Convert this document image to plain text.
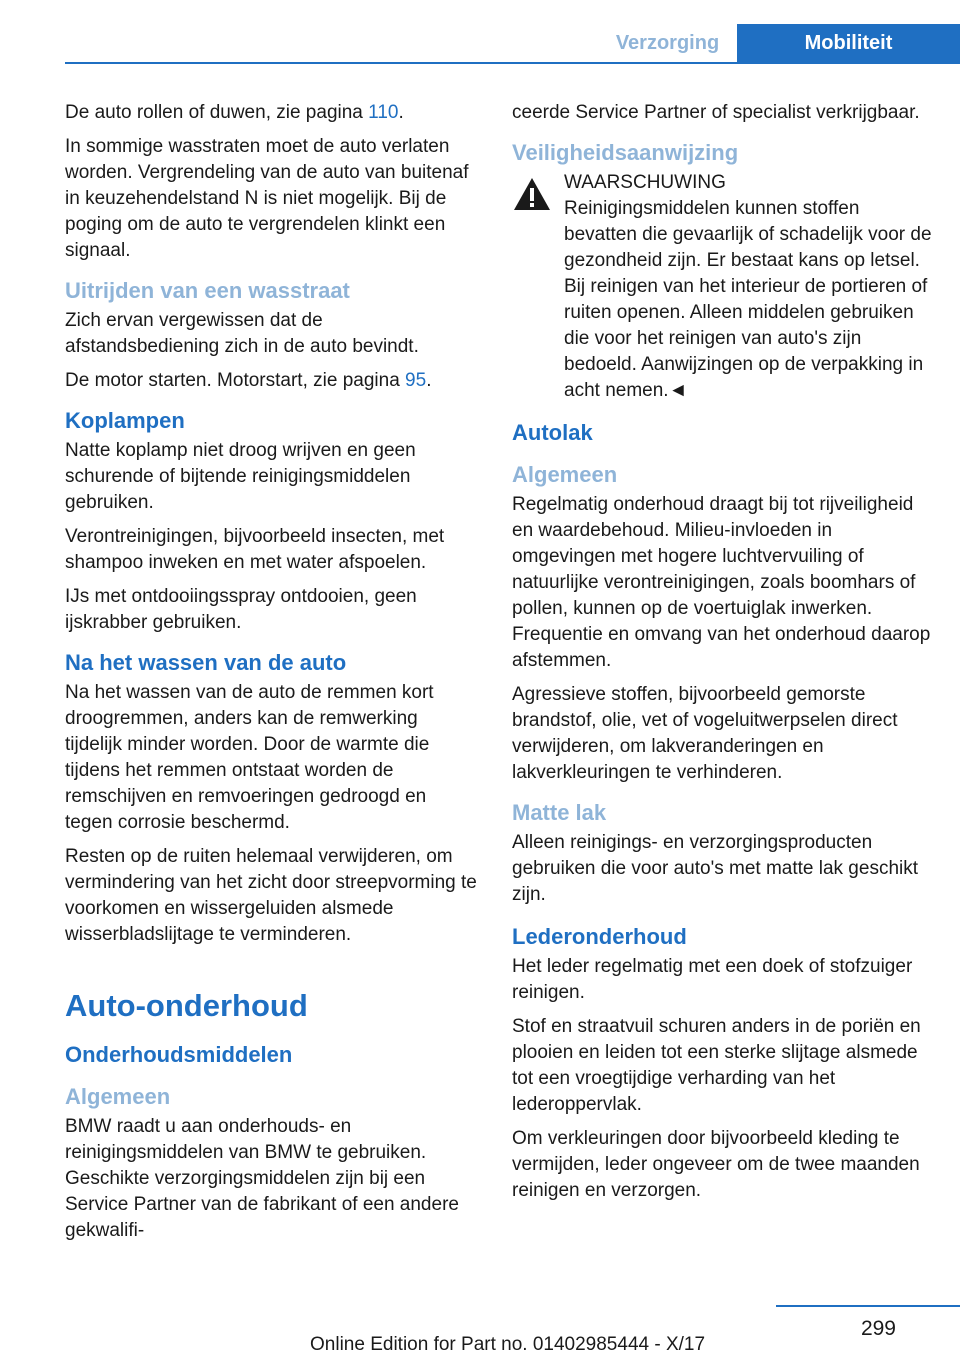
Verzorging	Mobiliteit

De auto rollen of duwen, zie pagina 110.

In sommige wasstraten moet de auto verlaten worden. Vergrendeling van de auto van buitenaf in keuzehendelstand N is niet mogelijk. Bij de poging om de auto te vergrendelen klinkt een signaal.

Uitrijden van een wasstraat

Zich ervan vergewissen dat de afstandsbediening zich in de auto bevindt.

De motor starten. Motorstart, zie pagina 95.

Koplampen

Natte koplamp niet droog wrijven en geen schurende of bijtende reinigingsmiddelen gebruiken.

Verontreinigingen, bijvoorbeeld insecten, met shampoo inweken en met water afspoelen.

IJs met ontdooiingsspray ontdooien, geen ijskrabber gebruiken.

Na het wassen van de auto

Na het wassen van de auto de remmen kort droogremmen, anders kan de remwerking tijdelijk minder worden. Door de warmte die tijdens het remmen ontstaat worden de remschijven en remvoeringen gedroogd en tegen corrosie beschermd.

Resten op de ruiten helemaal verwijderen, om vermindering van het zicht door streepvorming te voorkomen en wissergeluiden alsmede wisserbladslijtage te verminderen.

Auto-onderhoud
Onderhoudsmiddelen
Algemeen

BMW raadt u aan onderhouds- en reinigingsmiddelen van BMW te gebruiken. Geschikte verzorgingsmiddelen zijn bij een Service Partner van de fabrikant of een andere gekwalifi-

ceerde Service Partner of specialist verkrijgbaar.

Veiligheidsaanwijzing
WAARSCHUWING
Reinigingsmiddelen kunnen stoffen bevatten die gevaarlijk of schadelijk voor de gezondheid zijn. Er bestaat kans op letsel. Bij reinigen van het interieur de portieren of ruiten openen. Alleen middelen gebruiken die voor het reinigen van auto's zijn bedoeld. Aanwijzingen op de verpakking in acht nemen.◄
Autolak
Algemeen

Regelmatig onderhoud draagt bij tot rijveiligheid en waardebehoud. Milieu-invloeden in omgevingen met hogere luchtvervuiling of natuurlijke verontreinigingen, zoals boomhars of pollen, kunnen op de voertuiglak inwerken. Frequentie en omvang van het onderhoud daarop afstemmen.

Agressieve stoffen, bijvoorbeeld gemorste brandstof, olie, vet of vogeluitwerpselen direct verwijderen, om lakveranderingen en lakverkleuringen te verhinderen.

Matte lak

Alleen reinigings- en verzorgingsproducten gebruiken die voor auto's met matte lak geschikt zijn.

Lederonderhoud

Het leder regelmatig met een doek of stofzuiger reinigen.

Stof en straatvuil schuren anders in de poriën en plooien en leiden tot een sterke slijtage alsmede tot een vroegtijdige verharding van het lederoppervlak.

Om verkleuringen door bijvoorbeeld kleding te vermijden, leder ongeveer om de twee maanden reinigen en verzorgen.

299
Online Edition for Part no. 01402985444 - X/17
